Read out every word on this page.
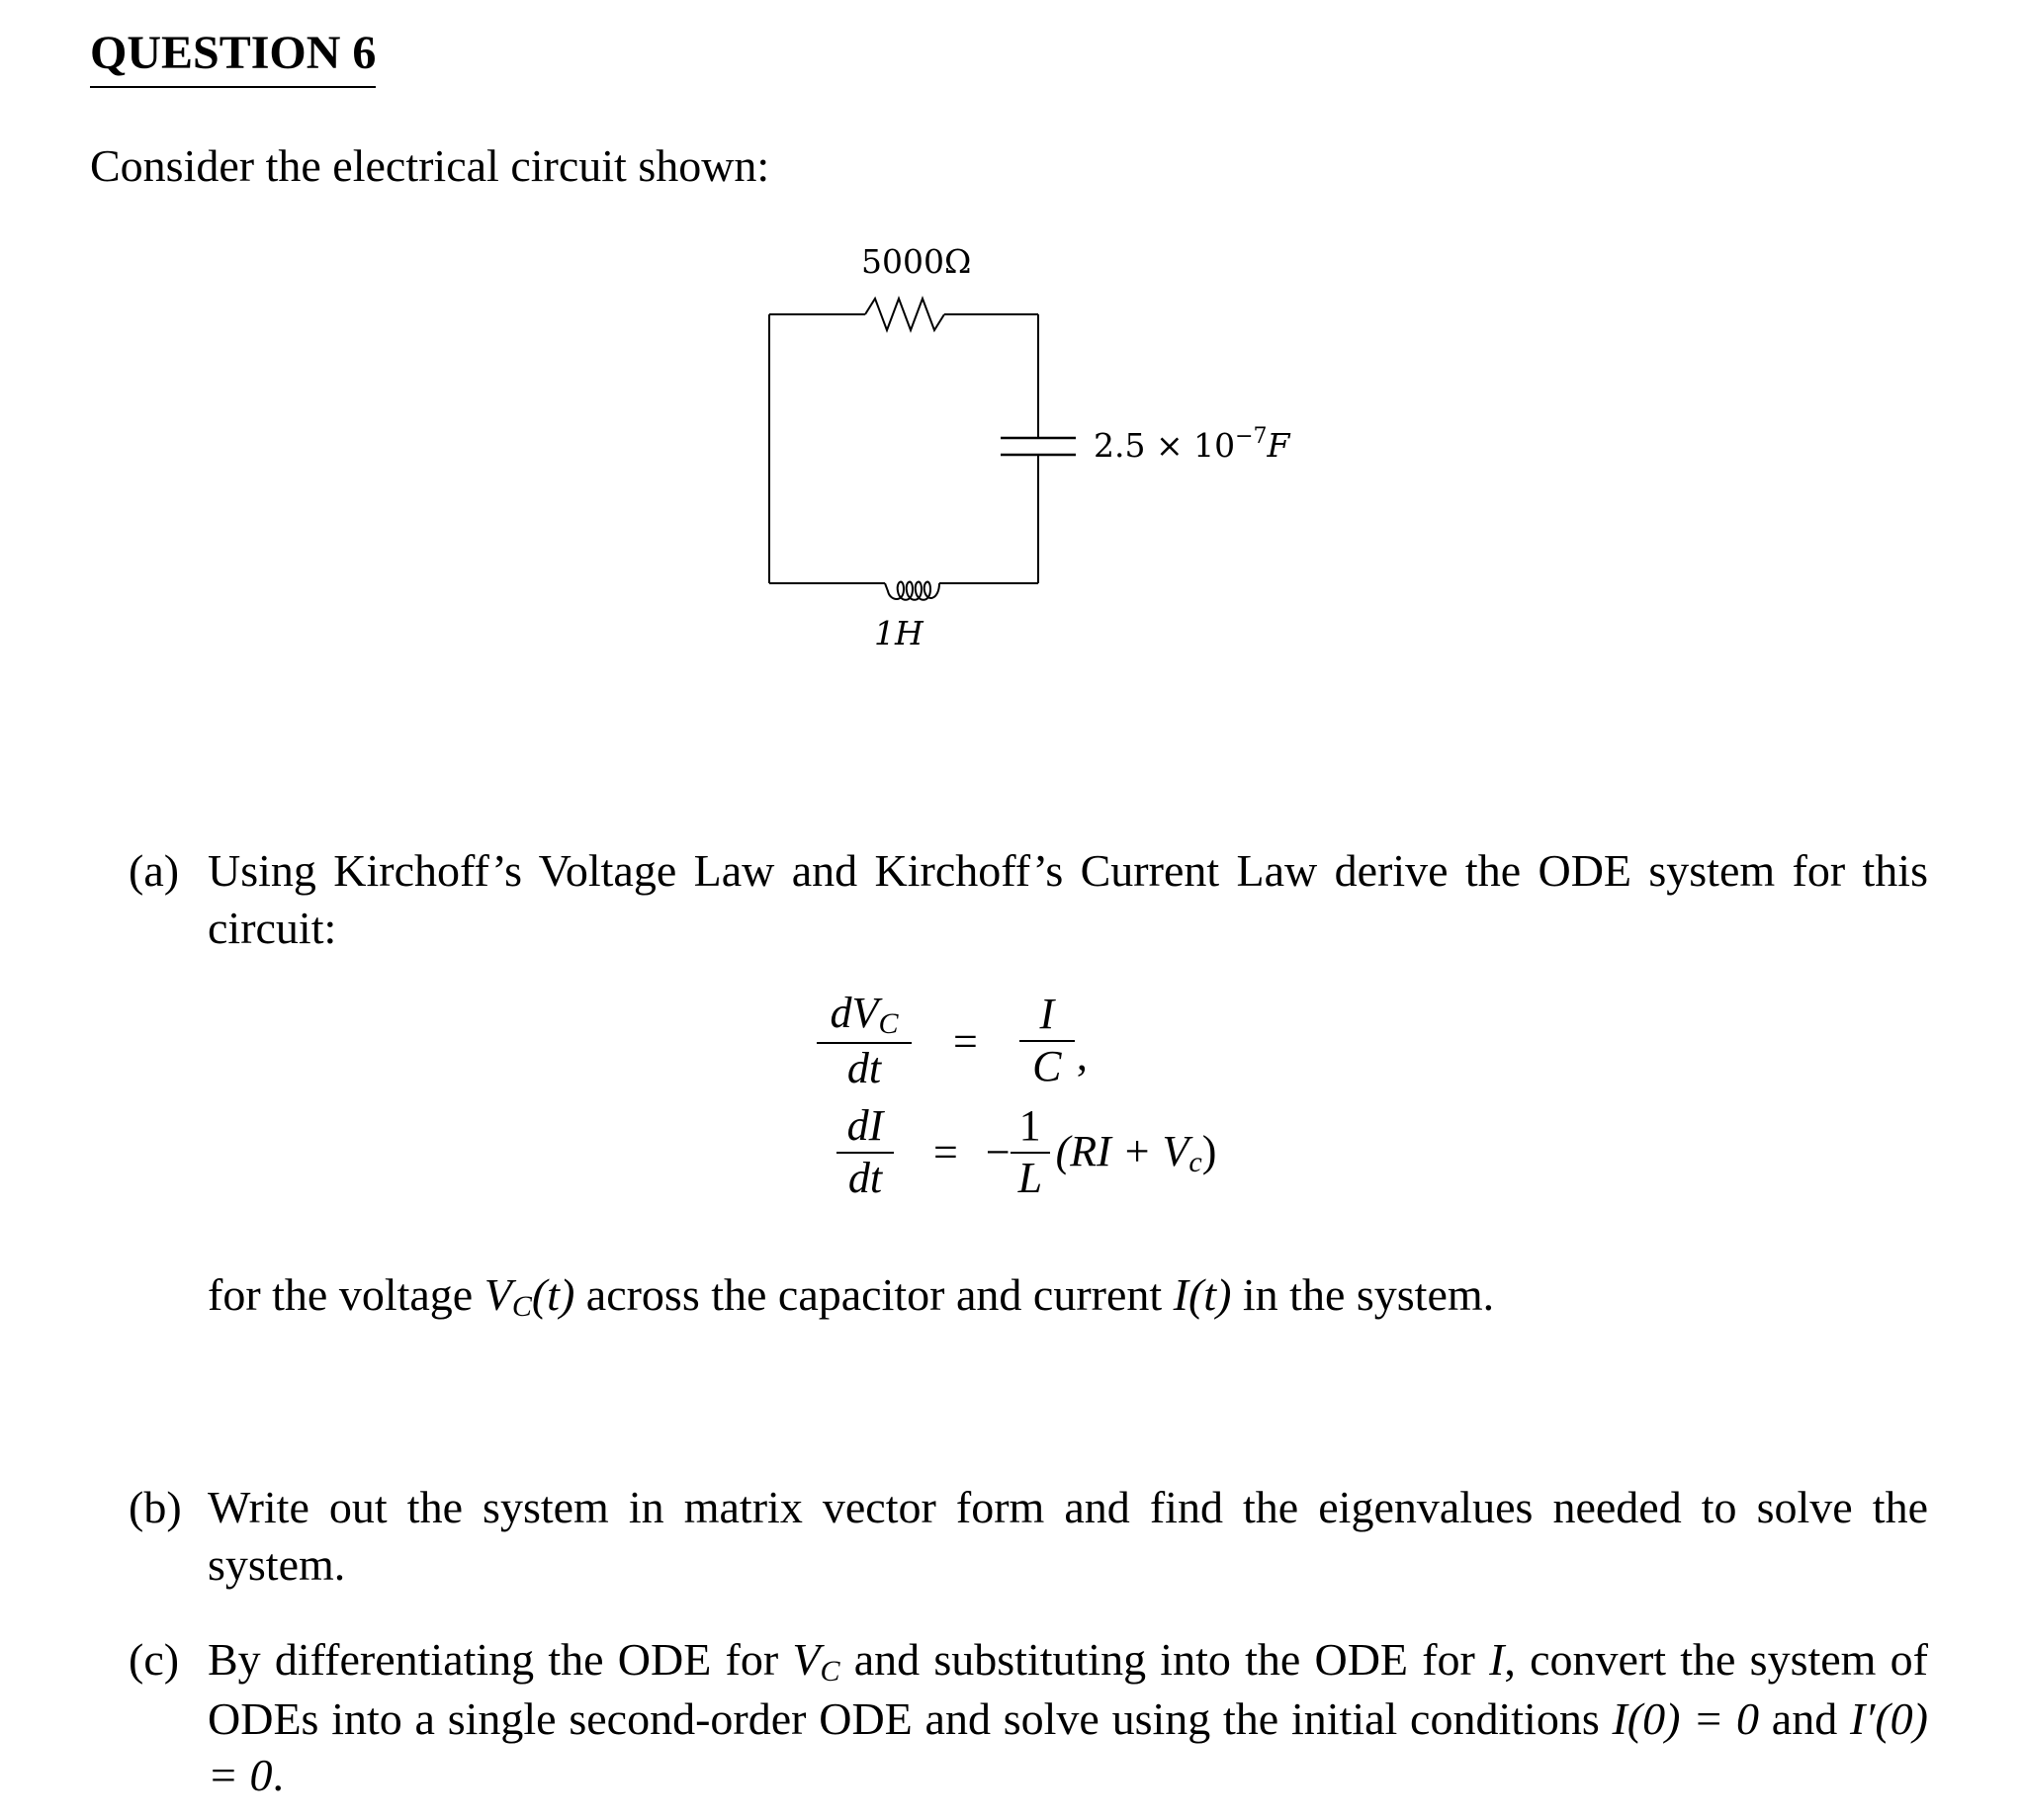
QUESTION 6

Consider the electrical circuit shown:

5000Ω
$2.5 \times 10^{-7}F$
1H
(a) Using Kirchoff’s Voltage Law and Kirchoff’s Current Law derive the ODE system for this circuit:
$\frac{dV_C}{dt} = \frac{I}{C}$ ,
$\frac{dI}{dt}$ = − $\frac{1}{L} (RI + V_c)$

for the voltage $V_C(t)$ across the capacitor and current I(t) in the system.

(b) Write out the system in matrix vector form and find the eigenvalues needed to solve the system.
(c) By differentiating the ODE for $V_C$ and substituting into the ODE for I, convert the system of ODEs into a single second-order ODE and solve using the initial conditions I(0) = 0 and I′(0) = 0.
